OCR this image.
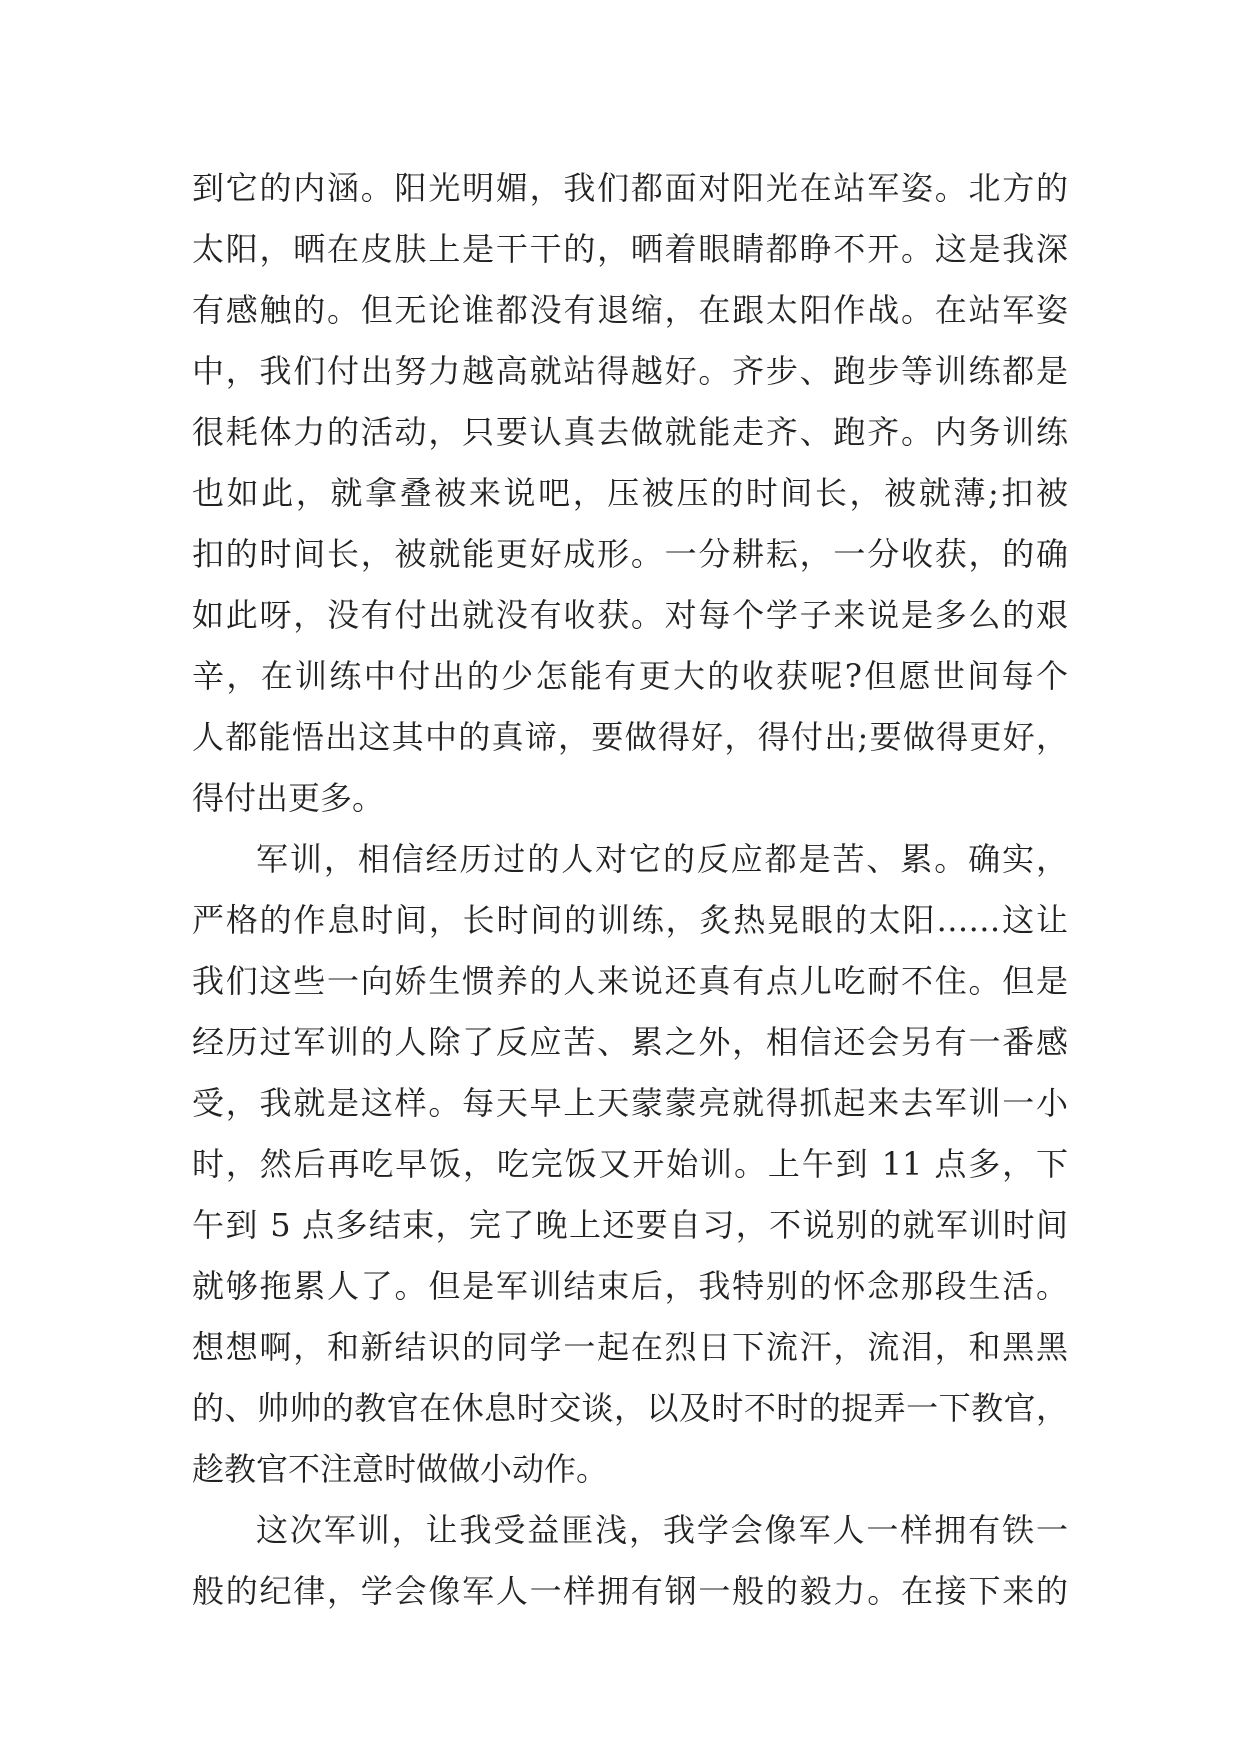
到它的内涵。阳光明媚，我们都面对阳光在站军姿。北方的
太阳，晒在皮肤上是干干的，晒着眼睛都睁不开。这是我深
有感触的。但无论谁都没有退缩，在跟太阳作战。在站军姿
中，我们付出努力越高就站得越好。齐步、跑步等训练都是
很耗体力的活动，只要认真去做就能走齐、跑齐。内务训练
也如此，就拿叠被来说吧，压被压的时间长，被就薄;扣被
扣的时间长，被就能更好成形。一分耕耘，一分收获，的确
如此呀，没有付出就没有收获。对每个学子来说是多么的艰
辛，在训练中付出的少怎能有更大的收获呢?但愿世间每个
人都能悟出这其中的真谛，要做得好，得付出;要做得更好，
得付出更多。
军训，相信经历过的人对它的反应都是苦、累。确实，
严格的作息时间，长时间的训练，炙热晃眼的太阳……这让
我们这些一向娇生惯养的人来说还真有点儿吃耐不住。但是
经历过军训的人除了反应苦、累之外，相信还会另有一番感
受，我就是这样。每天早上天蒙蒙亮就得抓起来去军训一小
时，然后再吃早饭，吃完饭又开始训。上午到 11 点多，下
午到 5 点多结束，完了晚上还要自习，不说别的就军训时间
就够拖累人了。但是军训结束后，我特别的怀念那段生活。
想想啊，和新结识的同学一起在烈日下流汗，流泪，和黑黑
的、帅帅的教官在休息时交谈，以及时不时的捉弄一下教官，
趁教官不注意时做做小动作。
这次军训，让我受益匪浅，我学会像军人一样拥有铁一
般的纪律，学会像军人一样拥有钢一般的毅力。在接下来的
